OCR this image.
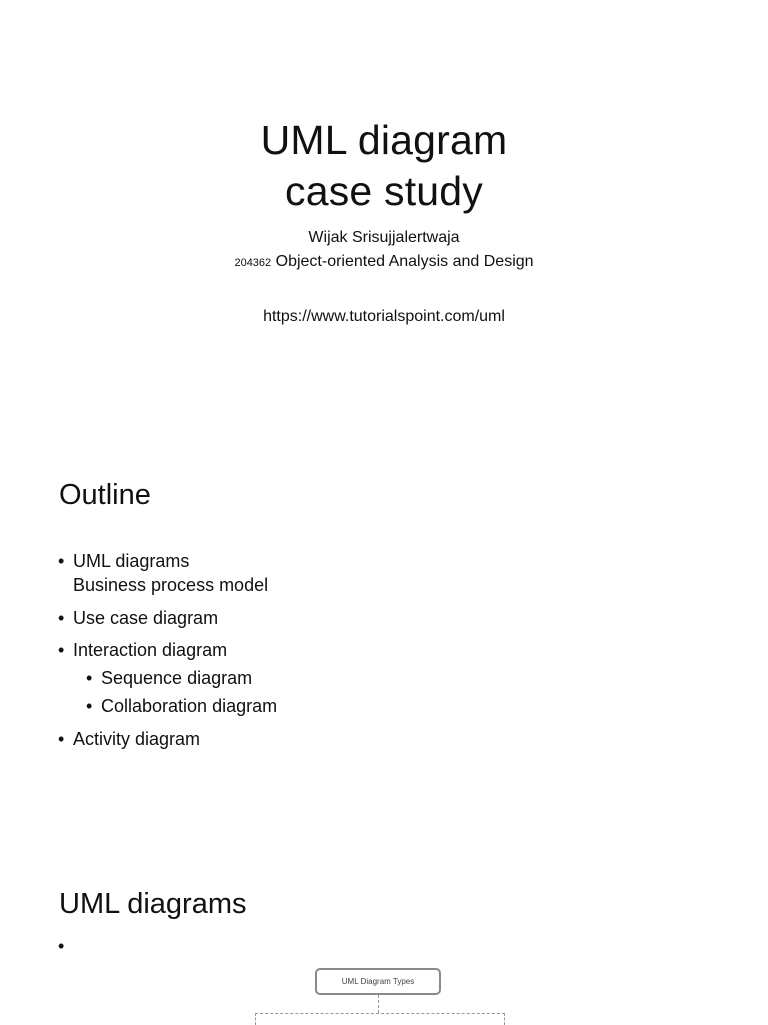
UML diagram
case study
Wijak Srisujjalertwaja
204362 Object-oriented Analysis and Design
https://www.tutorialspoint.com/uml
Outline
• UML diagrams
Business process model
• Use case diagram
• Interaction diagram
• Sequence diagram
• Collaboration diagram
• Activity diagram
UML diagrams
•
UML Diagram Types
